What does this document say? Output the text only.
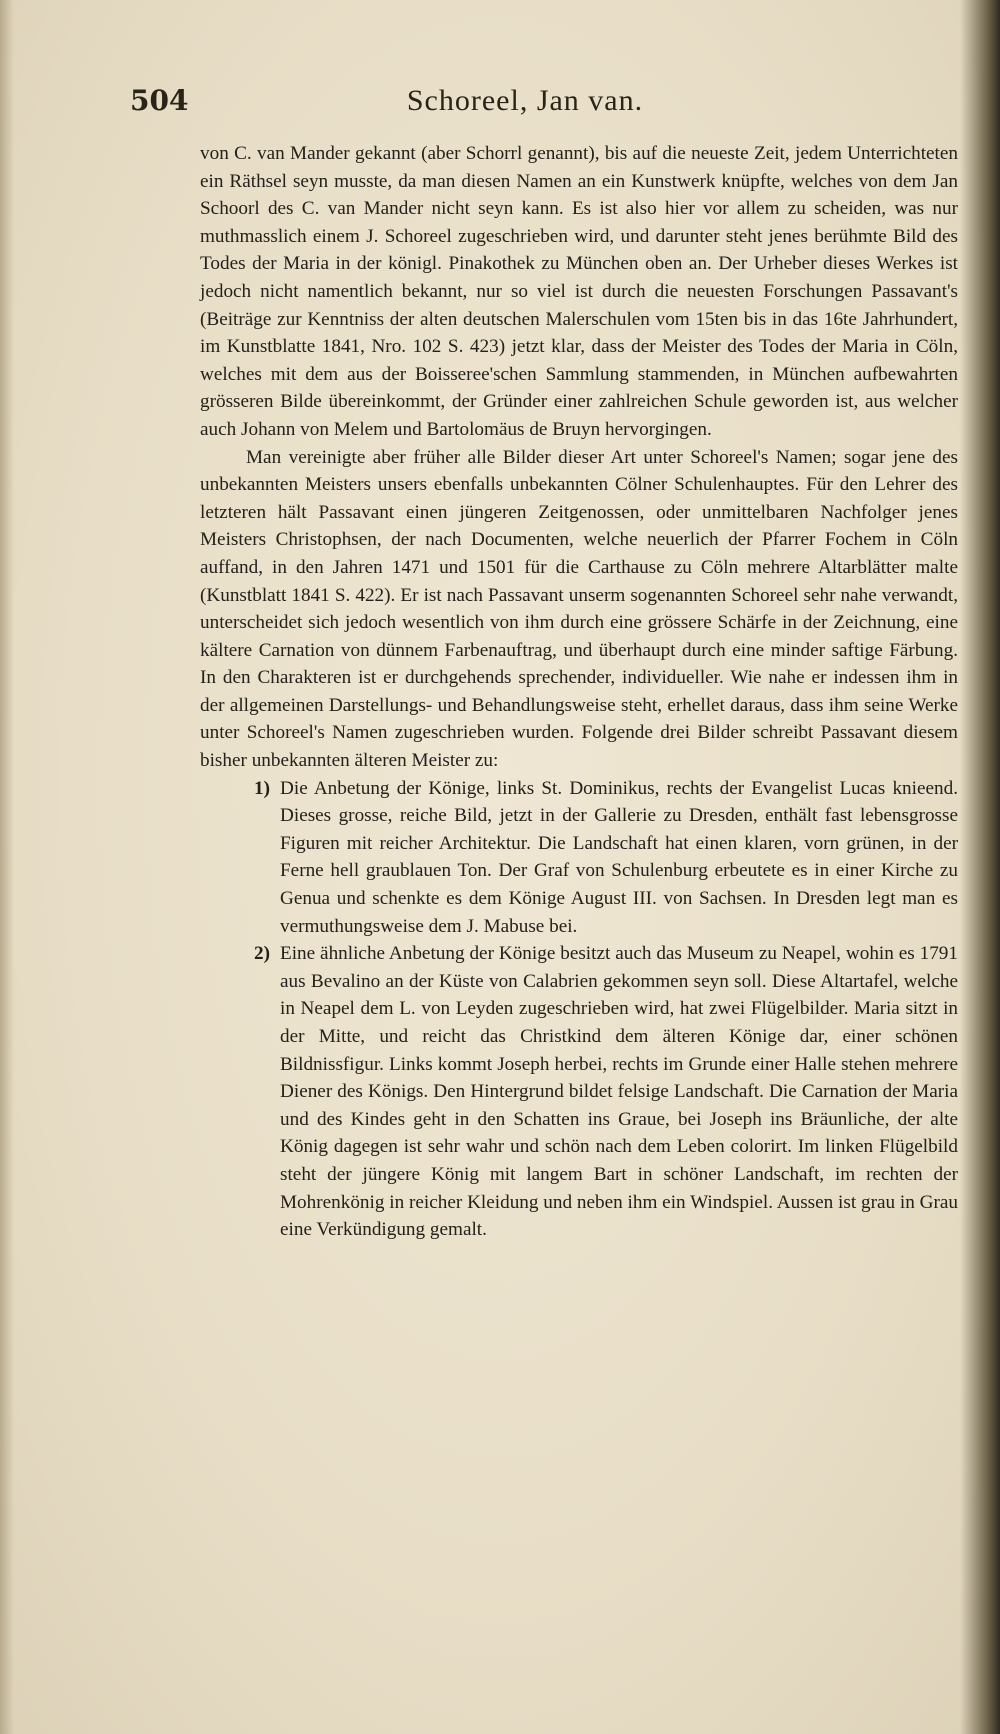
504	Schoreel, Jan van.

von C. van Mander gekannt (aber Schorrl genannt), bis auf die neueste Zeit, jedem Unterrichteten ein Räthsel seyn musste, da man diesen Namen an ein Kunstwerk knüpfte, welches von dem Jan Schoorl des C. van Mander nicht seyn kann. Es ist also hier vor allem zu scheiden, was nur muthmasslich einem J. Schoreel zugeschrieben wird, und darunter steht jenes berühmte Bild des Todes der Maria in der königl. Pinakothek zu München oben an. Der Urheber dieses Werkes ist jedoch nicht namentlich bekannt, nur so viel ist durch die neuesten Forschungen Passavant's (Beiträge zur Kenntniss der alten deutschen Malerschulen vom 15ten bis in das 16te Jahrhundert, im Kunstblatte 1841, Nro. 102 S. 423) jetzt klar, dass der Meister des Todes der Maria in Cöln, welches mit dem aus der Boisseree'schen Sammlung stammenden, in München aufbewahrten grösseren Bilde übereinkommt, der Gründer einer zahlreichen Schule geworden ist, aus welcher auch Johann von Melem und Bartolomäus de Bruyn hervorgingen.

Man vereinigte aber früher alle Bilder dieser Art unter Schoreel's Namen; sogar jene des unbekannten Meisters unsers ebenfalls unbekannten Cölner Schulenhauptes. Für den Lehrer des letzteren hält Passavant einen jüngeren Zeitgenossen, oder unmittelbaren Nachfolger jenes Meisters Christophsen, der nach Documenten, welche neuerlich der Pfarrer Fochem in Cöln auffand, in den Jahren 1471 und 1501 für die Carthause zu Cöln mehrere Altarblätter malte (Kunstblatt 1841 S. 422). Er ist nach Passavant unserm sogenannten Schoreel sehr nahe verwandt, unterscheidet sich jedoch wesentlich von ihm durch eine grössere Schärfe in der Zeichnung, eine kältere Carnation von dünnem Farbenauftrag, und überhaupt durch eine minder saftige Färbung. In den Charakteren ist er durchgehends sprechender, individueller. Wie nahe er indessen ihm in der allgemeinen Darstellungs- und Behandlungsweise steht, erhellet daraus, dass ihm seine Werke unter Schoreel's Namen zugeschrieben wurden. Folgende drei Bilder schreibt Passavant diesem bisher unbekannten älteren Meister zu:

1) Die Anbetung der Könige, links St. Dominikus, rechts der Evangelist Lucas knieend. Dieses grosse, reiche Bild, jetzt in der Gallerie zu Dresden, enthält fast lebensgrosse Figuren mit reicher Architektur. Die Landschaft hat einen klaren, vorn grünen, in der Ferne hell graublauen Ton. Der Graf von Schulenburg erbeutete es in einer Kirche zu Genua und schenkte es dem Könige August III. von Sachsen. In Dresden legt man es vermuthungsweise dem J. Mabuse bei.
2) Eine ähnliche Anbetung der Könige besitzt auch das Museum zu Neapel, wohin es 1791 aus Bevalino an der Küste von Calabrien gekommen seyn soll. Diese Altartafel, welche in Neapel dem L. von Leyden zugeschrieben wird, hat zwei Flügelbilder. Maria sitzt in der Mitte, und reicht das Christkind dem älteren Könige dar, einer schönen Bildnissfigur. Links kommt Joseph herbei, rechts im Grunde einer Halle stehen mehrere Diener des Königs. Den Hintergrund bildet felsige Landschaft. Die Carnation der Maria und des Kindes geht in den Schatten ins Graue, bei Joseph ins Bräunliche, der alte König dagegen ist sehr wahr und schön nach dem Leben colorirt. Im linken Flügelbild steht der jüngere König mit langem Bart in schöner Landschaft, im rechten der Mohrenkönig in reicher Kleidung und neben ihm ein Windspiel. Aussen ist grau in Grau eine Verkündigung gemalt.
